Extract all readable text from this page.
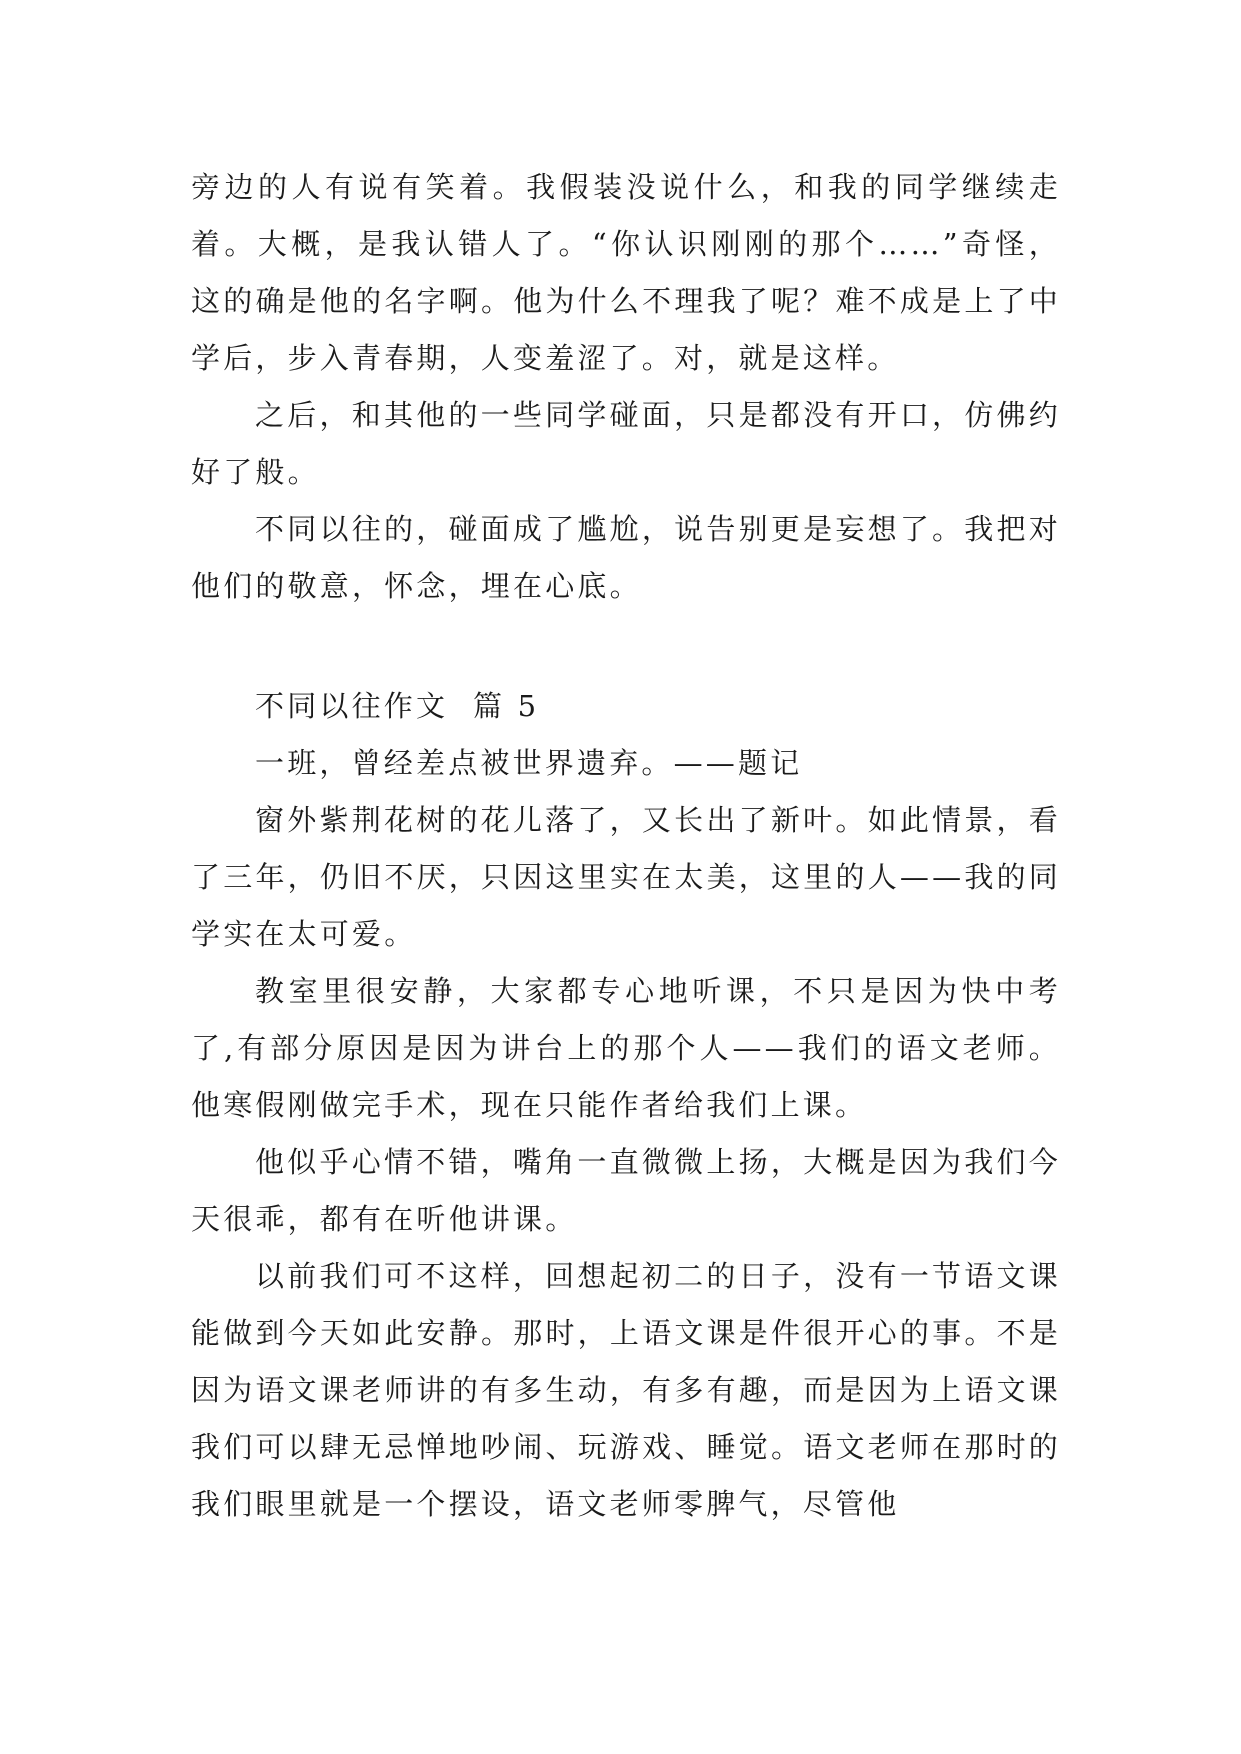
旁边的人有说有笑着。我假装没说什么，和我的同学继续走着。大概，是我认错人了。“你认识刚刚的那个……”奇怪，这的确是他的名字啊。他为什么不理我了呢？难不成是上了中学后，步入青春期，人变羞涩了。对，就是这样。

之后，和其他的一些同学碰面，只是都没有开口，仿佛约好了般。

不同以往的，碰面成了尴尬，说告别更是妄想了。我把对他们的敬意，怀念，埋在心底。

不同以往作文  篇 5

一班，曾经差点被世界遗弃。——题记

窗外紫荆花树的花儿落了，又长出了新叶。如此情景，看了三年，仍旧不厌，只因这里实在太美，这里的人——我的同学实在太可爱。

教室里很安静，大家都专心地听课，不只是因为快中考了,有部分原因是因为讲台上的那个人——我们的语文老师。他寒假刚做完手术，现在只能作者给我们上课。

他似乎心情不错，嘴角一直微微上扬，大概是因为我们今天很乖，都有在听他讲课。

以前我们可不这样，回想起初二的日子，没有一节语文课能做到今天如此安静。那时，上语文课是件很开心的事。不是因为语文课老师讲的有多生动，有多有趣，而是因为上语文课我们可以肆无忌惮地吵闹、玩游戏、睡觉。语文老师在那时的我们眼里就是一个摆设，语文老师零脾气，尽管他
